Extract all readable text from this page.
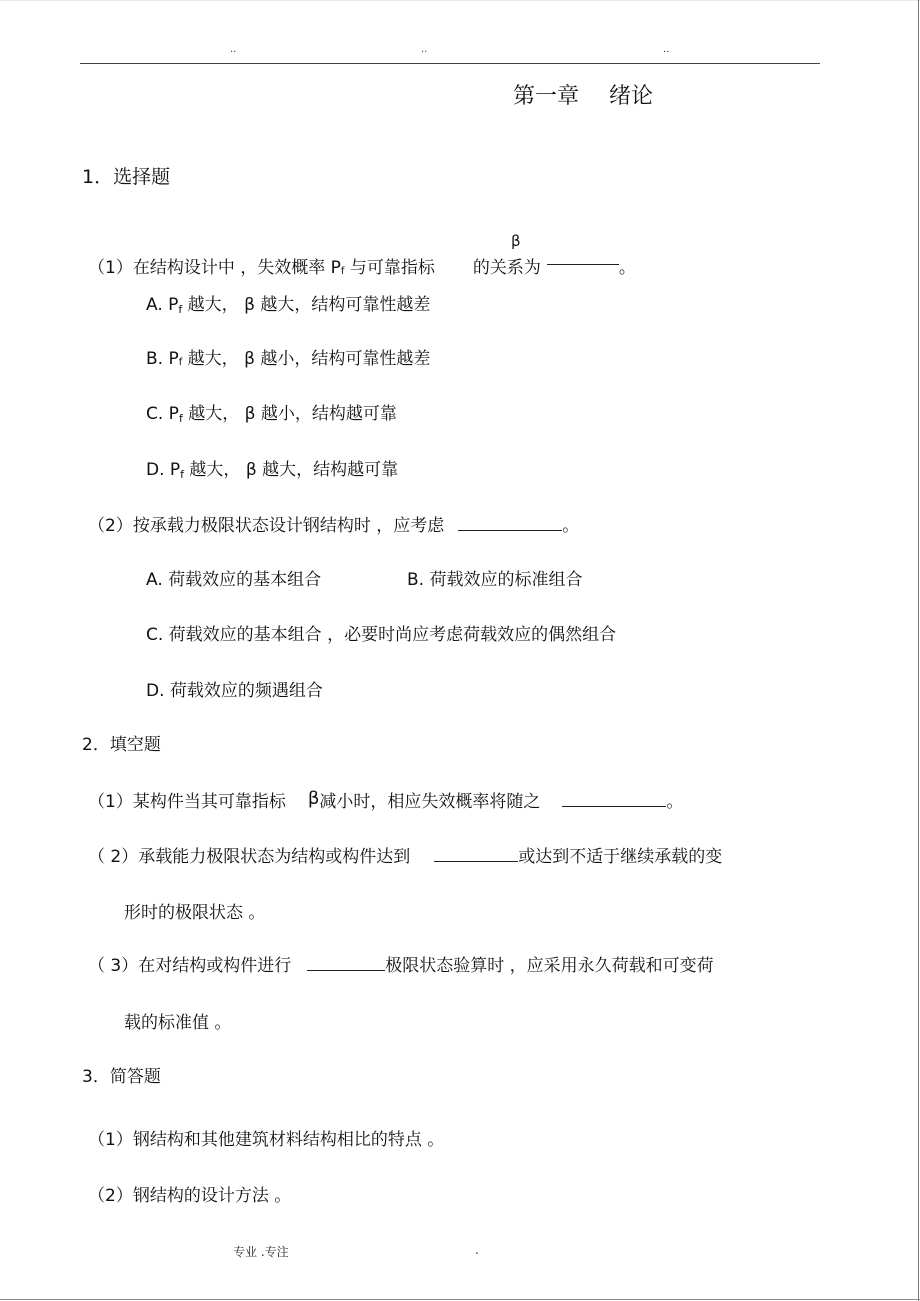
..	..	..
第一章 绪论
1．选择题
β
（1）在结构设计中 ，失效概率 Pf 与可靠指标 的关系为	。
A. $P_f$ 越大， β 越大，结构可靠性越差
B. Pf 越大， β 越小，结构可靠性越差
C. $P_f$ 越大， β 越小，结构越可靠
D. $P_f$ 越大， β 越大，结构越可靠
（2）按承载力极限状态设计钢结构时 ，应考虑	。
A. 荷载效应的基本组合	B. 荷载效应的标准组合
C. 荷载效应的基本组合 ，必要时尚应考虑荷载效应的偶然组合
D. 荷载效应的频遇组合
2．填空题
（1）某构件当其可靠指标 β减小时，相应失效概率将随之	。
（ 2）承载能力极限状态为结构或构件达到	或达到不适于继续承载的变
形时的极限状态 。
（ 3）在对结构或构件进行	极限状态验算时 ，应采用永久荷载和可变荷
载的标准值 。
3．简答题
（1）钢结构和其他建筑材料结构相比的特点 。
（2）钢结构的设计方法 。
专业 .专注	.
